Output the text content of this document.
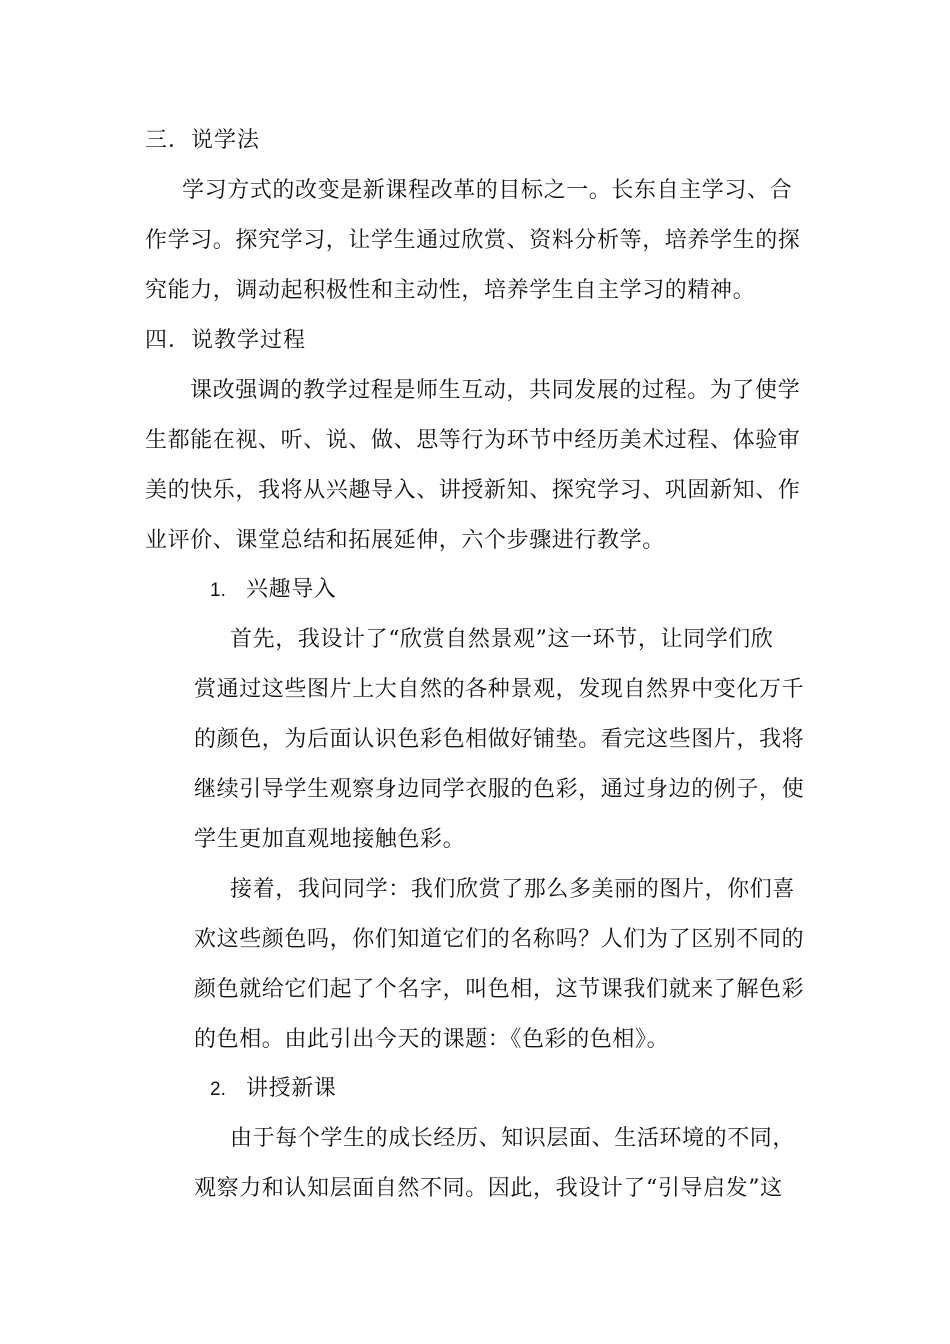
三．说学法
学习方式的改变是新课程改革的目标之一。长东自主学习、合
作学习。探究学习，让学生通过欣赏、资料分析等，培养学生的探
究能力，调动起积极性和主动性，培养学生自主学习的精神。
四．说教学过程
课改强调的教学过程是师生互动，共同发展的过程。为了使学
生都能在视、听、说、做、思等行为环节中经历美术过程、体验审
美的快乐，我将从兴趣导入、讲授新知、探究学习、巩固新知、作
业评价、课堂总结和拓展延伸，六个步骤进行教学。
1. 兴趣导入
首先，我设计了“欣赏自然景观”这一环节，让同学们欣
赏通过这些图片上大自然的各种景观，发现自然界中变化万千
的颜色，为后面认识色彩色相做好铺垫。看完这些图片，我将
继续引导学生观察身边同学衣服的色彩，通过身边的例子，使
学生更加直观地接触色彩。
接着，我问同学：我们欣赏了那么多美丽的图片，你们喜
欢这些颜色吗，你们知道它们的名称吗？人们为了区别不同的
颜色就给它们起了个名字，叫色相，这节课我们就来了解色彩
的色相。由此引出今天的课题：《色彩的色相》。
2. 讲授新课
由于每个学生的成长经历、知识层面、生活环境的不同，
观察力和认知层面自然不同。因此，我设计了“引导启发”这
